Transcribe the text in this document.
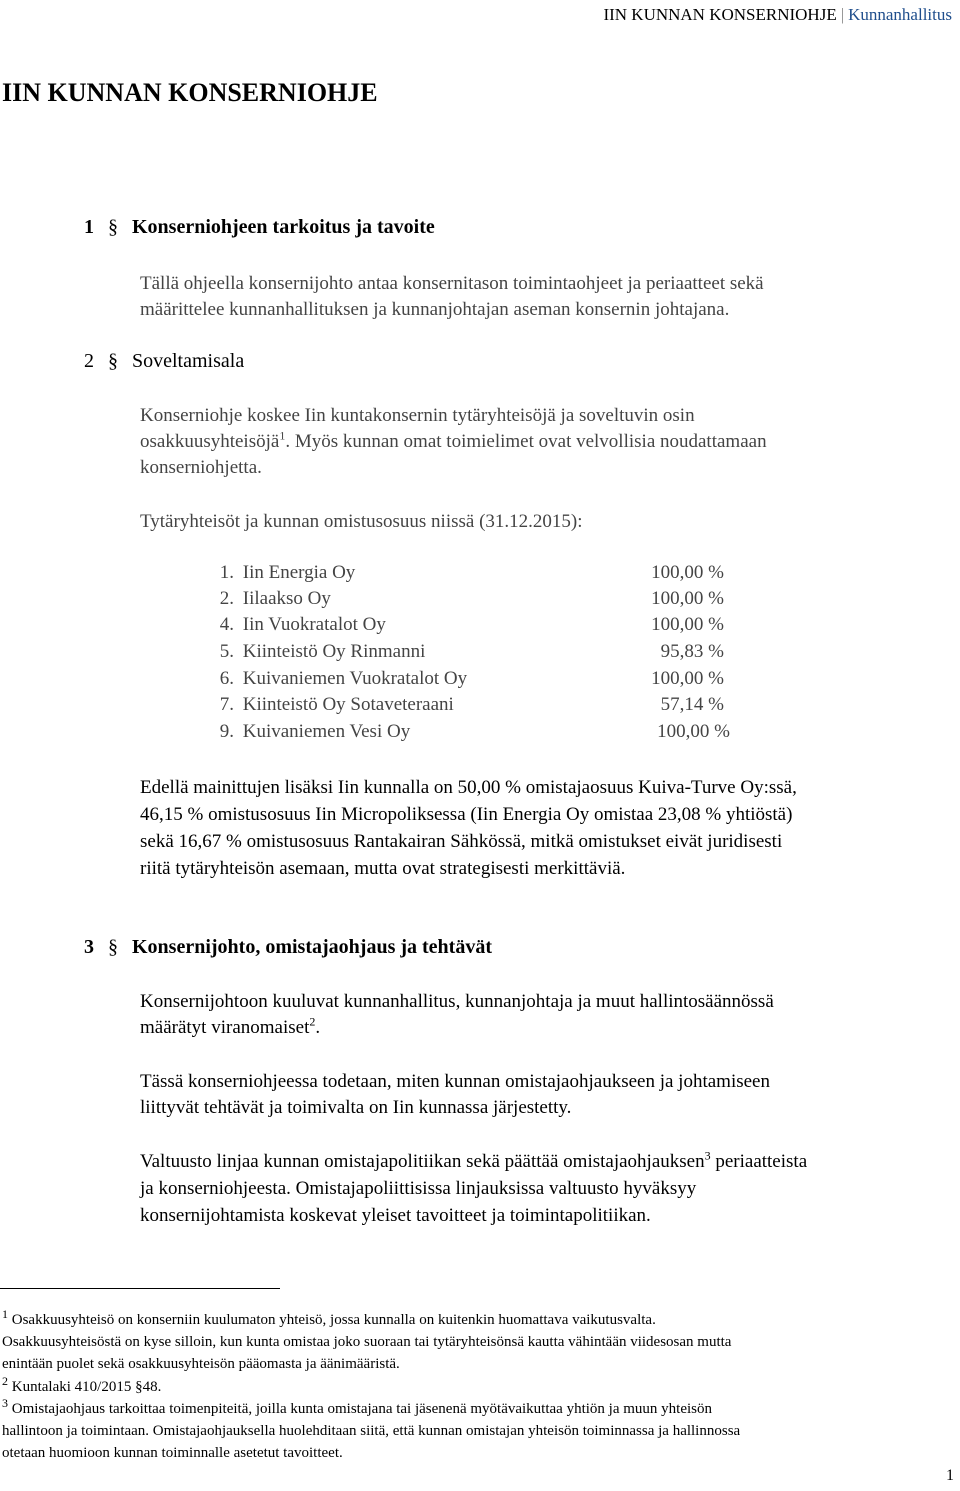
IIN KUNNAN KONSERNIOHJE | Kunnanhallitus
IIN KUNNAN KONSERNIOHJE
1 § Konserniohjeen tarkoitus ja tavoite
Tällä ohjeella konsernijohto antaa konsernitason toimintaohjeet ja periaatteet sekä
määrittelee kunnanhallituksen ja kunnanjohtajan aseman konsernin johtajana.
2 § Soveltamisala
Konserniohje koskee Iin kuntakonsernin tytäryhteisöjä ja soveltuvin osin
osakkuusyhteisöjä$^1$. Myös kunnan omat toimielimet ovat velvollisia noudattamaan
konserniohjetta.
Tytäryhteisöt ja kunnan omistusosuus niissä (31.12.2015):
1. Iin Energia Oy	100,00 %
2. Iilaakso Oy	100,00 %
4. Iin Vuokratalot Oy	100,00 %
5. Kiinteistö Oy Rinmanni	95,83 %
6. Kuivaniemen Vuokratalot Oy	100,00 %
7. Kiinteistö Oy Sotaveteraani	57,14 %
9. Kuivaniemen Vesi Oy	100,00 %
Edellä mainittujen lisäksi Iin kunnalla on 50,00 % omistajaosuus Kuiva-Turve Oy:ssä,
46,15 % omistusosuus Iin Micropoliksessa (Iin Energia Oy omistaa 23,08 % yhtiöstä)
sekä 16,67 % omistusosuus Rantakairan Sähkössä, mitkä omistukset eivät juridisesti
riitä tytäryhteisön asemaan, mutta ovat strategisesti merkittäviä.
3 § Konsernijohto, omistajaohjaus ja tehtävät
Konsernijohtoon kuuluvat kunnanhallitus, kunnanjohtaja ja muut hallintosäännössä
määrätyt viranomaiset$^2$.
Tässä konserniohjeessa todetaan, miten kunnan omistajaohjaukseen ja johtamiseen
liittyvät tehtävät ja toimivalta on Iin kunnassa järjestetty.
Valtuusto linjaa kunnan omistajapolitiikan sekä päättää omistajaohjauksen$^3$ periaatteista
ja konserniohjeesta. Omistajapoliittisissa linjauksissa valtuusto hyväksyy
konsernijohtamista koskevat yleiset tavoitteet ja toimintapolitiikan.
$^1$ Osakkuusyhteisö on konserniin kuulumaton yhteisö, jossa kunnalla on kuitenkin huomattava vaikutusvalta.
Osakkuusyhteisöstä on kyse silloin, kun kunta omistaa joko suoraan tai tytäryhteisönsä kautta vähintään viidesosan mutta
enintään puolet sekä osakkuusyhteisön pääomasta ja äänimääristä.
$^2$ Kuntalaki 410/2015 §48.
$^3$ Omistajaohjaus tarkoittaa toimenpiteitä, joilla kunta omistajana tai jäsenenä myötävaikuttaa yhtiön ja muun yhteisön
hallintoon ja toimintaan. Omistajaohjauksella huolehditaan siitä, että kunnan omistajan yhteisön toiminnassa ja hallinnossa
otetaan huomioon kunnan toiminnalle asetetut tavoitteet.
1
